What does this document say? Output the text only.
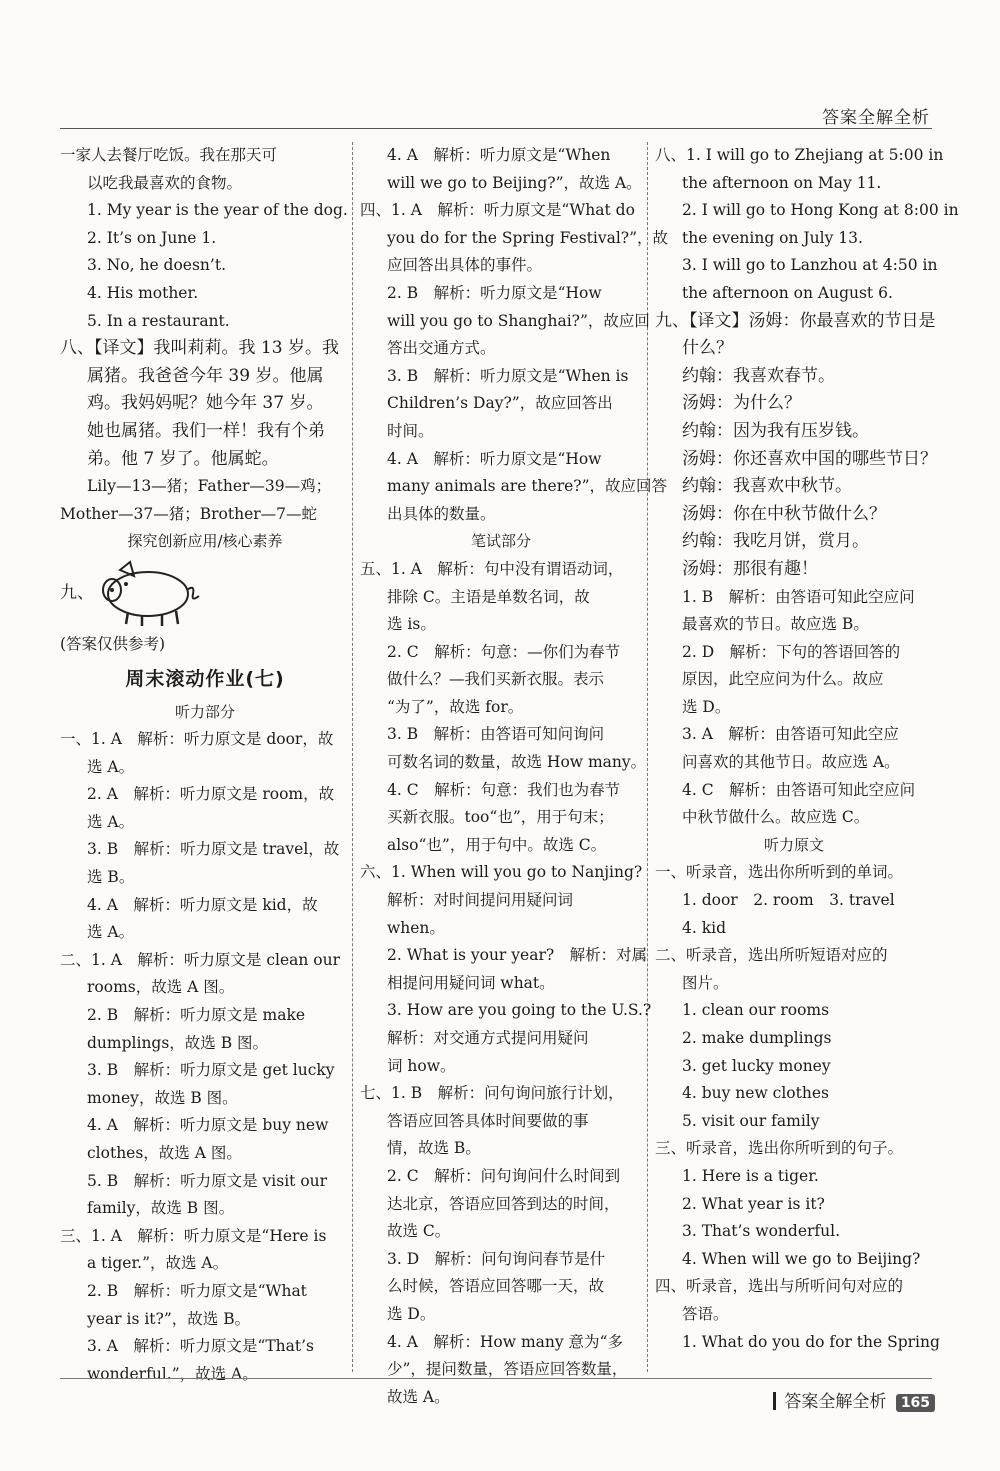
答案全解全析
一家人去餐厅吃饭。我在那天可
以吃我最喜欢的食物。
1. My year is the year of the dog.
2. It’s on June 1.
3. No, he doesn’t.
4. His mother.
5. In a restaurant.
八、【译文】我叫莉莉。我 13 岁。我
属猪。我爸爸今年 39 岁。他属
鸡。我妈妈呢？她今年 37 岁。
她也属猪。我们一样！我有个弟
弟。他 7 岁了。他属蛇。
Lily—13—猪；Father—39—鸡；
Mother—37—猪；Brother—7—蛇
探究创新应用/核心素养
九、
(答案仅供参考)
周末滚动作业(七)
听力部分
一、1. A　解析：听力原文是 door，故
选 A。
2. A　解析：听力原文是 room，故
选 A。
3. B　解析：听力原文是 travel，故
选 B。
4. A　解析：听力原文是 kid，故
选 A。
二、1. A　解析：听力原文是 clean our
rooms，故选 A 图。
2. B　解析：听力原文是 make
dumplings，故选 B 图。
3. B　解析：听力原文是 get lucky
money，故选 B 图。
4. A　解析：听力原文是 buy new
clothes，故选 A 图。
5. B　解析：听力原文是 visit our
family，故选 B 图。
三、1. A　解析：听力原文是“Here is
a tiger.”，故选 A。
2. B　解析：听力原文是“What
year is it?”，故选 B。
3. A　解析：听力原文是“That’s
wonderful.”，故选 A。
4. A　解析：听力原文是“When
will we go to Beijing?”，故选 A。
四、1. A　解析：听力原文是“What do
you do for the Spring Festival?”，故
应回答出具体的事件。
2. B　解析：听力原文是“How
will you go to Shanghai?”，故应回
答出交通方式。
3. B　解析：听力原文是“When is
Children’s Day?”，故应回答出
时间。
4. A　解析：听力原文是“How
many animals are there?”，故应回答
出具体的数量。
笔试部分
五、1. A　解析：句中没有谓语动词，
排除 C。主语是单数名词，故
选 is。
2. C　解析：句意：—你们为春节
做什么？—我们买新衣服。表示
“为了”，故选 for。
3. B　解析：由答语可知问询问
可数名词的数量，故选 How many。
4. C　解析：句意：我们也为春节
买新衣服。too“也”，用于句末；
also“也”，用于句中。故选 C。
六、1. When will you go to Nanjing?
解析：对时间提问用疑问词
when。
2. What is your year?　解析：对属
相提问用疑问词 what。
3. How are you going to the U.S.?
解析：对交通方式提问用疑问
词 how。
七、1. B　解析：问句询问旅行计划，
答语应回答具体时间要做的事
情，故选 B。
2. C　解析：问句询问什么时间到
达北京，答语应回答到达的时间，
故选 C。
3. D　解析：问句询问春节是什
么时候，答语应回答哪一天，故
选 D。
4. A　解析：How many 意为“多
少”，提问数量，答语应回答数量，
故选 A。
八、1. I will go to Zhejiang at 5:00 in
the afternoon on May 11.
2. I will go to Hong Kong at 8:00 in
the evening on July 13.
3. I will go to Lanzhou at 4:50 in
the afternoon on August 6.
九、【译文】汤姆：你最喜欢的节日是
什么？
约翰：我喜欢春节。
汤姆：为什么？
约翰：因为我有压岁钱。
汤姆：你还喜欢中国的哪些节日？
约翰：我喜欢中秋节。
汤姆：你在中秋节做什么？
约翰：我吃月饼，赏月。
汤姆：那很有趣！
1. B　解析：由答语可知此空应问
最喜欢的节日。故应选 B。
2. D　解析：下句的答语回答的
原因，此空应问为什么。故应
选 D。
3. A　解析：由答语可知此空应
问喜欢的其他节日。故应选 A。
4. C　解析：由答语可知此空应问
中秋节做什么。故应选 C。
听力原文
一、听录音，选出你所听到的单词。
1. door　2. room　3. travel
4. kid
二、听录音，选出所听短语对应的
图片。
1. clean our rooms
2. make dumplings
3. get lucky money
4. buy new clothes
5. visit our family
三、听录音，选出你所听到的句子。
1. Here is a tiger.
2. What year is it?
3. That’s wonderful.
4. When will we go to Beijing?
四、听录音，选出与所听问句对应的
答语。
1. What do you do for the Spring
答案全解全析 165
